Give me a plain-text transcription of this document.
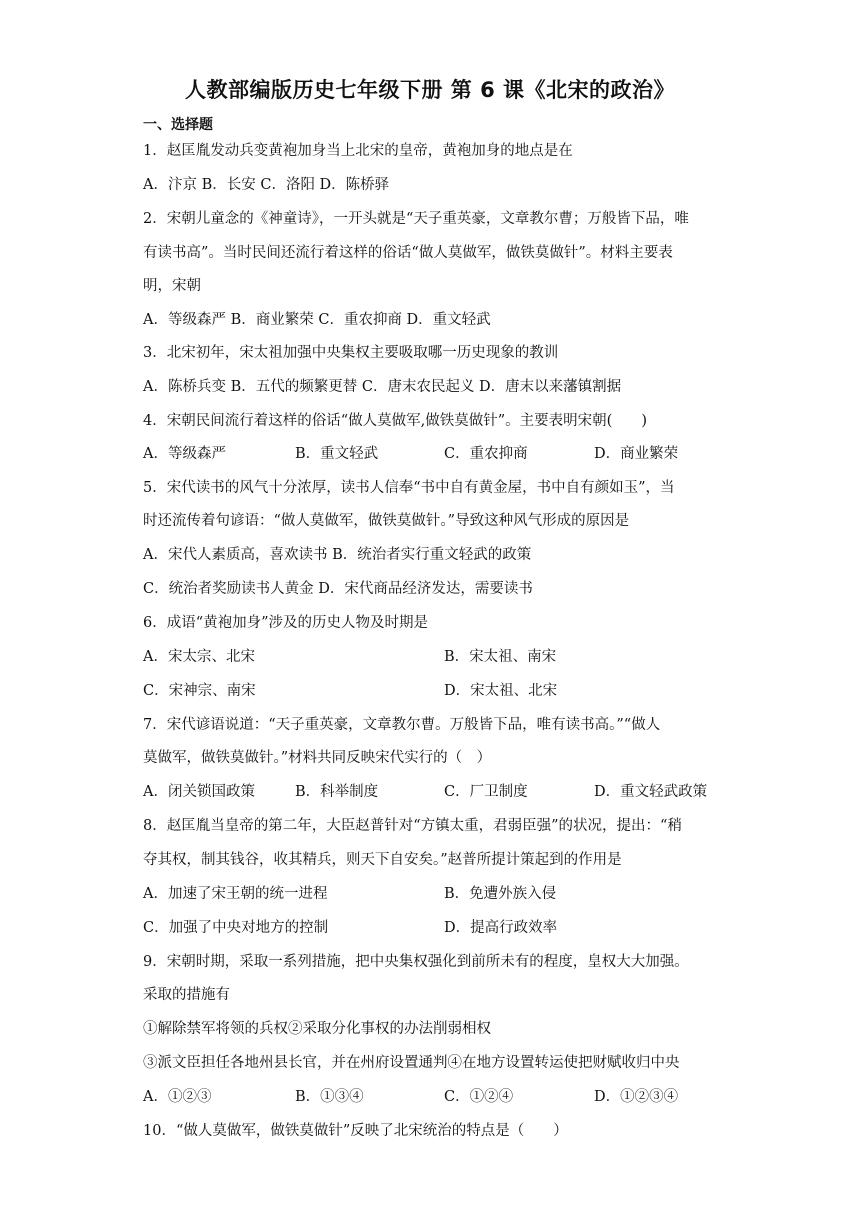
人教部编版历史七年级下册 第 6 课《北宋的政治》
一、选择题
1．赵匡胤发动兵变黄袍加身当上北宋的皇帝，黄袍加身的地点是在
A．汴京 B．长安 C．洛阳 D．陈桥驿
2．宋朝儿童念的《神童诗》，一开头就是“天子重英豪，文章教尔曹；万般皆下品，唯
有读书高”。当时民间还流行着这样的俗话“做人莫做军，做铁莫做针”。材料主要表
明，宋朝
A．等级森严 B．商业繁荣 C．重农抑商 D．重文轻武
3．北宋初年，宋太祖加强中央集权主要吸取哪一历史现象的教训
A．陈桥兵变 B．五代的频繁更替 C．唐末农民起义 D．唐末以来藩镇割据
4．宋朝民间流行着这样的俗话“做人莫做军,做铁莫做针”。主要表明宋朝(　　)
A．等级森严	B．重文轻武	C．重农抑商	D．商业繁荣
5．宋代读书的风气十分浓厚，读书人信奉“书中自有黄金屋，书中自有颜如玉”，当
时还流传着句谚语：“做人莫做军，做铁莫做针。”导致这种风气形成的原因是
A．宋代人素质高，喜欢读书 B．统治者实行重文轻武的政策
C．统治者奖励读书人黄金 D．宋代商品经济发达，需要读书
6．成语“黄袍加身”涉及的历史人物及时期是
A．宋太宗、北宋	B．宋太祖、南宋
C．宋神宗、南宋	D．宋太祖、北宋
7．宋代谚语说道：“天子重英豪，文章教尔曹。万般皆下品，唯有读书高。”“做人
莫做军，做铁莫做针。”材料共同反映宋代实行的（　）
A．闭关锁国政策	B．科举制度	C．厂卫制度	D．重文轻武政策
8．赵匡胤当皇帝的第二年，大臣赵普针对“方镇太重，君弱臣强”的状况，提出：“稍
夺其权，制其钱谷，收其精兵，则天下自安矣。”赵普所提计策起到的作用是
A．加速了宋王朝的统一进程	B．免遭外族入侵
C．加强了中央对地方的控制	D．提高行政效率
9．宋朝时期，采取一系列措施，把中央集权强化到前所未有的程度，皇权大大加强。
采取的措施有
①解除禁军将领的兵权②采取分化事权的办法削弱相权
③派文臣担任各地州县长官，并在州府设置通判④在地方设置转运使把财赋收归中央
A．①②③	B．①③④	C．①②④	D．①②③④
10．“做人莫做军，做铁莫做针”反映了北宋统治的特点是（　　）
